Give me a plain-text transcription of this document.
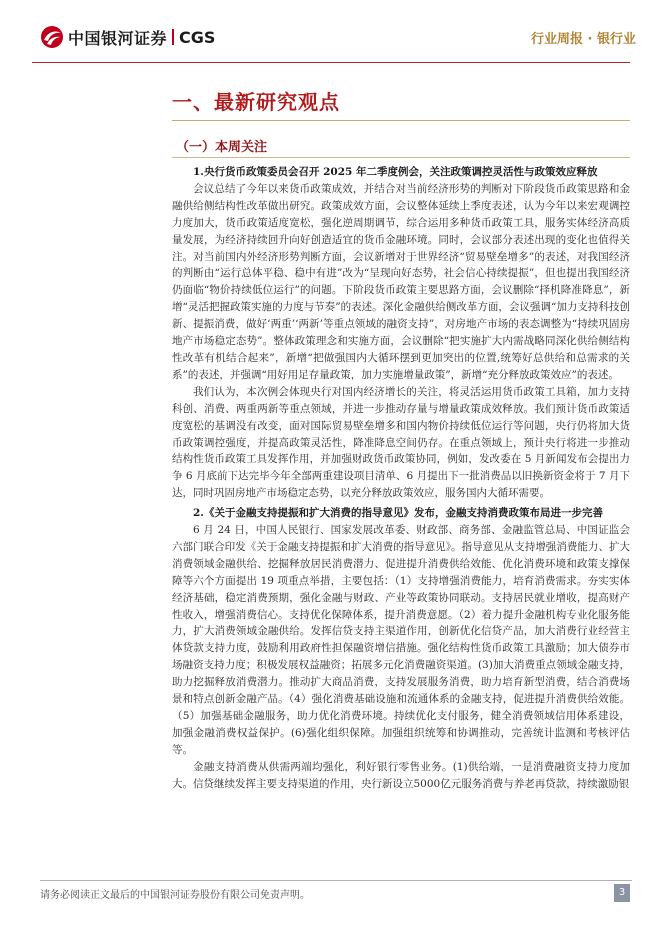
中国银河证券 CGS	行业周报 · 银行业
一、最新研究观点
（一）本周关注

1.央行货币政策委员会召开 2025 年二季度例会，关注政策调控灵活性与政策效应释放

会议总结了今年以来货币政策成效，并结合对当前经济形势的判断对下阶段货币政策思路和金融供给侧结构性改革做出研究。政策成效方面，会议整体延续上季度表述，认为今年以来宏观调控力度加大，货币政策适度宽松，强化逆周期调节，综合运用多种货币政策工具，服务实体经济高质量发展，为经济持续回升向好创造适宜的货币金融环境。同时，会议部分表述出现的变化也值得关注。对当前国内外经济形势判断方面，会议新增对于世界经济“贸易壁垒增多”的表述，对我国经济的判断由“运行总体平稳、稳中有进”改为“呈现向好态势，社会信心持续提振”，但也提出我国经济仍面临“物价持续低位运行”的问题。下阶段货币政策主要思路方面，会议删除“择机降准降息”，新增“灵活把握政策实施的力度与节奏”的表述。深化金融供给侧改革方面，会议强调“加力支持科技创新、提振消费，做好‘两重’‘两新’等重点领域的融资支持”，对房地产市场的表态调整为“持续巩固房地产市场稳定态势”。整体政策理念和实施方面，会议删除“把实施扩大内需战略同深化供给侧结构性改革有机结合起来”，新增“把做强国内大循环摆到更加突出的位置,统筹好总供给和总需求的关系”的表述，并强调“用好用足存量政策，加力实施增量政策”，新增“充分释放政策效应”的表述。

我们认为，本次例会体现央行对国内经济增长的关注，将灵活运用货币政策工具箱，加力支持科创、消费、两重两新等重点领域，并进一步推动存量与增量政策成效释放。我们预计货币政策适度宽松的基调没有改变，面对国际贸易壁垒增多和国内物价持续低位运行等问题，央行仍将加大货币政策调控强度，并提高政策灵活性，降准降息空间仍存。在重点领域上，预计央行将进一步推动结构性货币政策工具发挥作用，并加强财政货币政策协同，例如，发改委在 5 月新闻发布会提出力争 6 月底前下达完毕今年全部两重建设项目清单、6 月提出下一批消费品以旧换新资金将于 7 月下达，同时巩固房地产市场稳定态势，以充分释放政策效应，服务国内大循环需要。

2.《关于金融支持提振和扩大消费的指导意见》发布，金融支持消费政策布局进一步完善

6 月 24 日，中国人民银行、国家发展改革委、财政部、商务部、金融监管总局、中国证监会六部门联合印发《关于金融支持提振和扩大消费的指导意见》。指导意见从支持增强消费能力、扩大消费领域金融供给、挖掘释放居民消费潜力、促进提升消费供给效能、优化消费环境和政策支撑保障等六个方面提出 19 项重点举措，主要包括：（1）支持增强消费能力，培育消费需求。夯实实体经济基础，稳定消费预期，强化金融与财政、产业等政策协同联动。支持居民就业增收，提高财产性收入，增强消费信心。支持优化保障体系，提升消费意愿。（2）着力提升金融机构专业化服务能力，扩大消费领域金融供给。发挥信贷支持主渠道作用，创新优化信贷产品，加大消费行业经营主体贷款支持力度，鼓励利用政府性担保融资增信措施。强化结构性货币政策工具激励；加大债券市场融资支持力度；积极发展权益融资；拓展多元化消费融资渠道。(3)加大消费重点领域金融支持，助力挖掘释放消费潜力。推动扩大商品消费，支持发展服务消费，助力培育新型消费，结合消费场景和特点创新金融产品。（4）强化消费基础设施和流通体系的金融支持，促进提升消费供给效能。（5）加强基础金融服务，助力优化消费环境。持续优化支付服务，健全消费领域信用体系建设，加强金融消费权益保护。(6)强化组织保障。加强组织统筹和协调推动，完善统计监测和考核评估等。

金融支持消费从供需两端均强化，利好银行零售业务。(1)供给端，一是消费融资支持力度加大。信贷继续发挥主要支持渠道的作用，央行新设立5000亿元服务消费与养老再贷款，持续激励银

请务必阅读正文最后的中国银河证券股份有限公司免责声明。	3
